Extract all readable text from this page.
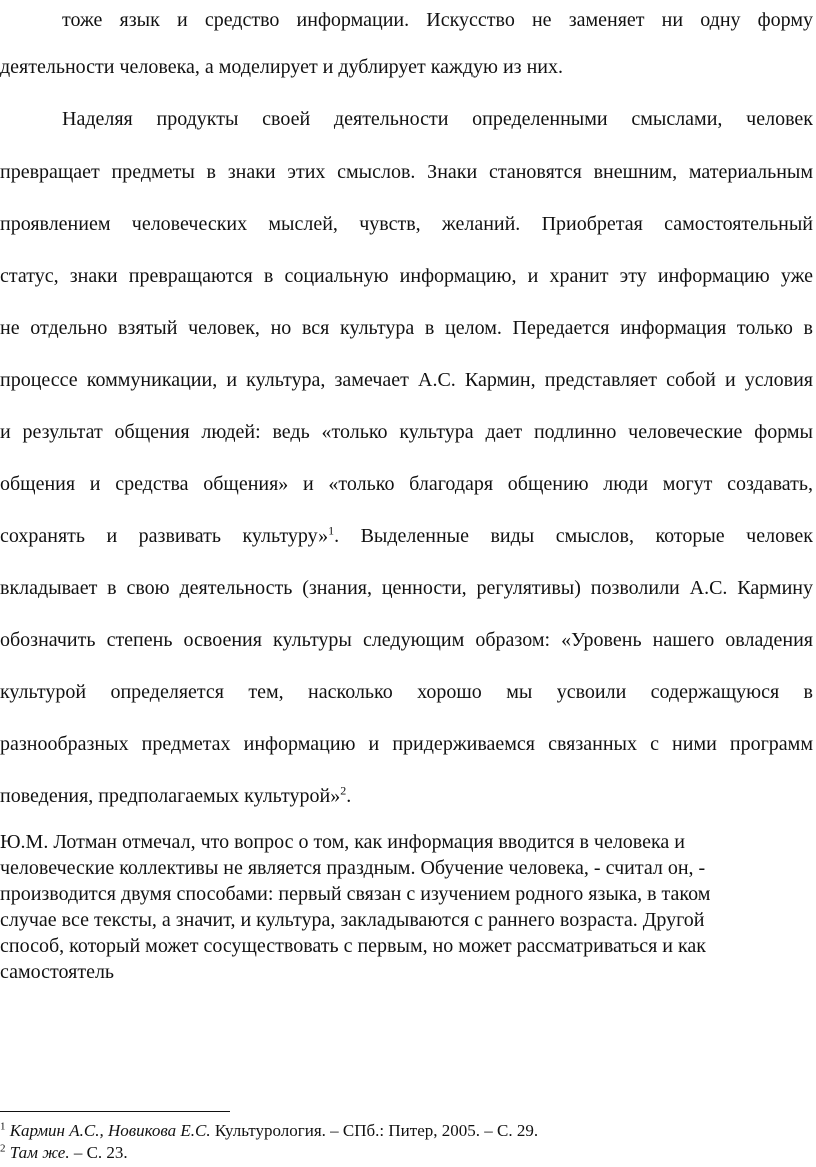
тоже язык и средство информации. Искусство не заменяет ни одну форму
деятельности человека, а моделирует и дублирует каждую из них.
Наделяя продукты своей деятельности определенными смыслами, человек
превращает предметы в знаки этих смыслов. Знаки становятся внешним, материальным
проявлением человеческих мыслей, чувств, желаний. Приобретая самостоятельный
статус, знаки превращаются в социальную информацию, и хранит эту информацию уже
не отдельно взятый человек, но вся культура в целом. Передается информация только в
процессе коммуникации, и культура, замечает А.С. Кармин, представляет собой и условия
и результат общения людей: ведь «только культура дает подлинно человеческие формы
общения и средства общения» и «только благодаря общению люди могут создавать,
сохранять и развивать культуру»$^1$. Выделенные виды смыслов, которые человек
вкладывает в свою деятельность (знания, ценности, регулятивы) позволили А.С. Кармину
обозначить степень освоения культуры следующим образом: «Уровень нашего овладения
культурой определяется тем, насколько хорошо мы усвоили содержащуюся в
разнообразных предметах информацию и придерживаемся связанных с ними программ
поведения, предполагаемых культурой»$^2$.
Ю.М. Лотман отмечал, что вопрос о том, как информация вводится в человека и
человеческие коллективы не является праздным. Обучение человека, - считал он, -
производится двумя способами: первый связан с изучением родного языка, в таком
случае все тексты, а значит, и культура, закладываются с раннего возраста. Другой
способ, который может сосуществовать с первым, но может рассматриваться и как
самостоятель
$^1$ Кармин А.С., Новикова Е.С. Культурология. – СПб.: Питер, 2005. – С. 29.
$^2$ Там же. – С. 23.
